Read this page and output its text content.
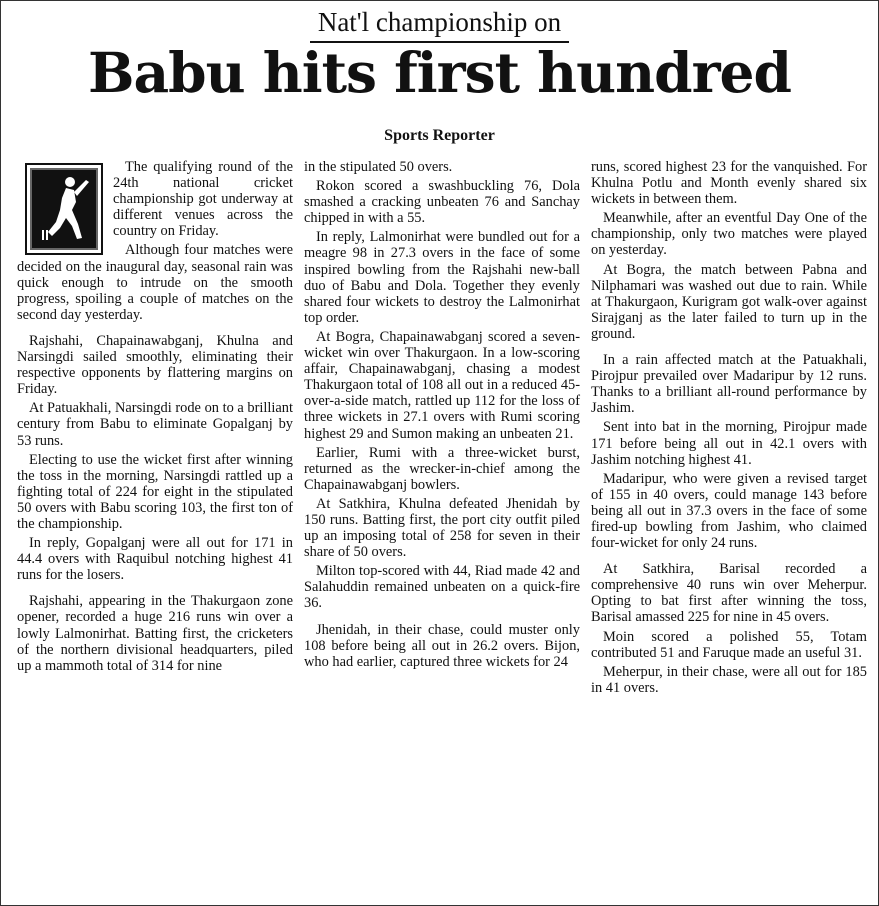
Nat'l championship on
Babu hits first hundred
Sports Reporter

The qualifying round of the 24th national cricket championship got underway at different venues across the country on Friday.

Although four matches were decided on the inaugural day, seasonal rain was quick enough to intrude on the smooth progress, spoiling a couple of matches on the second day yesterday.

Rajshahi, Chapainawabganj, Khulna and Narsingdi sailed smoothly, eliminating their respective opponents by flattering margins on Friday.

At Patuakhali, Narsingdi rode on to a brilliant century from Babu to eliminate Gopalganj by 53 runs.

Electing to use the wicket first after winning the toss in the morning, Narsingdi rattled up a fighting total of 224 for eight in the stipulated 50 overs with Babu scoring 103, the first ton of the championship.

In reply, Gopalganj were all out for 171 in 44.4 overs with Raquibul notching highest 41 runs for the losers.

Rajshahi, appearing in the Thakurgaon zone opener, recorded a huge 216 runs win over a lowly Lalmonirhat. Batting first, the cricketers of the northern divisional headquarters, piled up a mammoth total of 314 for nine

in the stipulated 50 overs.

Rokon scored a swashbuckling 76, Dola smashed a cracking unbeaten 76 and Sanchay chipped in with a 55.

In reply, Lalmonirhat were bundled out for a meagre 98 in 27.3 overs in the face of some inspired bowling from the Rajshahi new-ball duo of Babu and Dola. Together they evenly shared four wickets to destroy the Lalmonirhat top order.

At Bogra, Chapainawabganj scored a seven-wicket win over Thakurgaon. In a low-scoring affair, Chapainawabganj, chasing a modest Thakurgaon total of 108 all out in a reduced 45-over-a-side match, rattled up 112 for the loss of three wickets in 27.1 overs with Rumi scoring highest 29 and Sumon making an unbeaten 21.

Earlier, Rumi with a three-wicket burst, returned as the wrecker-in-chief among the Chapainawabganj bowlers.

At Satkhira, Khulna defeated Jhenidah by 150 runs. Batting first, the port city outfit piled up an imposing total of 258 for seven in their share of 50 overs.

Milton top-scored with 44, Riad made 42 and Salahuddin remained unbeaten on a quick-fire 36.

Jhenidah, in their chase, could muster only 108 before being all out in 26.2 overs. Bijon, who had earlier, captured three wickets for 24

runs, scored highest 23 for the vanquished. For Khulna Potlu and Month evenly shared six wickets in between them.

Meanwhile, after an eventful Day One of the championship, only two matches were played on yesterday.

At Bogra, the match between Pabna and Nilphamari was washed out due to rain. While at Thakurgaon, Kurigram got walk-over against Sirajganj as the later failed to turn up in the ground.

In a rain affected match at the Patuakhali, Pirojpur prevailed over Madaripur by 12 runs. Thanks to a brilliant all-round performance by Jashim.

Sent into bat in the morning, Pirojpur made 171 before being all out in 42.1 overs with Jashim notching highest 41.

Madaripur, who were given a revised target of 155 in 40 overs, could manage 143 before being all out in 37.3 overs in the face of some fired-up bowling from Jashim, who claimed four-wicket for only 24 runs.

At Satkhira, Barisal recorded a comprehensive 40 runs win over Meherpur. Opting to bat first after winning the toss, Barisal amassed 225 for nine in 45 overs.

Moin scored a polished 55, Totam contributed 51 and Faruque made an useful 31.

Meherpur, in their chase, were all out for 185 in 41 overs.
